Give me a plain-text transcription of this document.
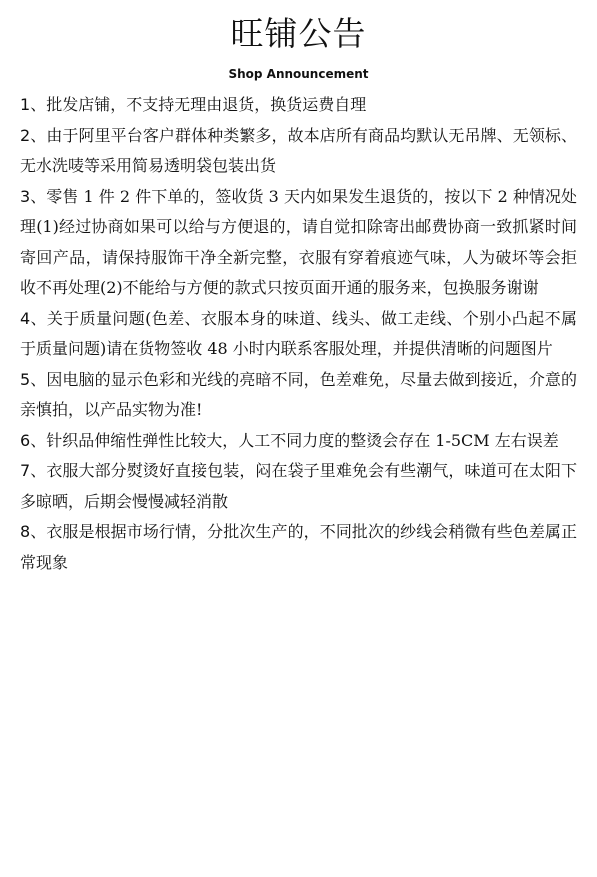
旺铺公告
Shop Announcement
1、批发店铺，不支持无理由退货，换货运费自理
2、由于阿里平台客户群体种类繁多，故本店所有商品均默认无吊牌、无领标、无水洗唛等采用简易透明袋包装出货
3、零售 1 件 2 件下单的，签收货 3 天内如果发生退货的，按以下 2 种情况处理(1)经过协商如果可以给与方便退的，请自觉扣除寄出邮费协商一致抓紧时间寄回产品，请保持服饰干净全新完整，衣服有穿着痕迹气味，人为破坏等会拒收不再处理(2)不能给与方便的款式只按页面开通的服务来，包换服务谢谢
4、关于质量问题(色差、衣服本身的味道、线头、做工走线、个别小凸起不属于质量问题)请在货物签收 48 小时内联系客服处理，并提供清晰的问题图片
5、因电脑的显示色彩和光线的亮暗不同，色差难免，尽量去做到接近，介意的亲慎拍，以产品实物为准!
6、针织品伸缩性弹性比较大，人工不同力度的整烫会存在 1-5CM 左右误差
7、衣服大部分熨烫好直接包装，闷在袋子里难免会有些潮气，味道可在太阳下多晾晒，后期会慢慢减轻消散
8、衣服是根据市场行情，分批次生产的，不同批次的纱线会稍微有些色差属正常现象
